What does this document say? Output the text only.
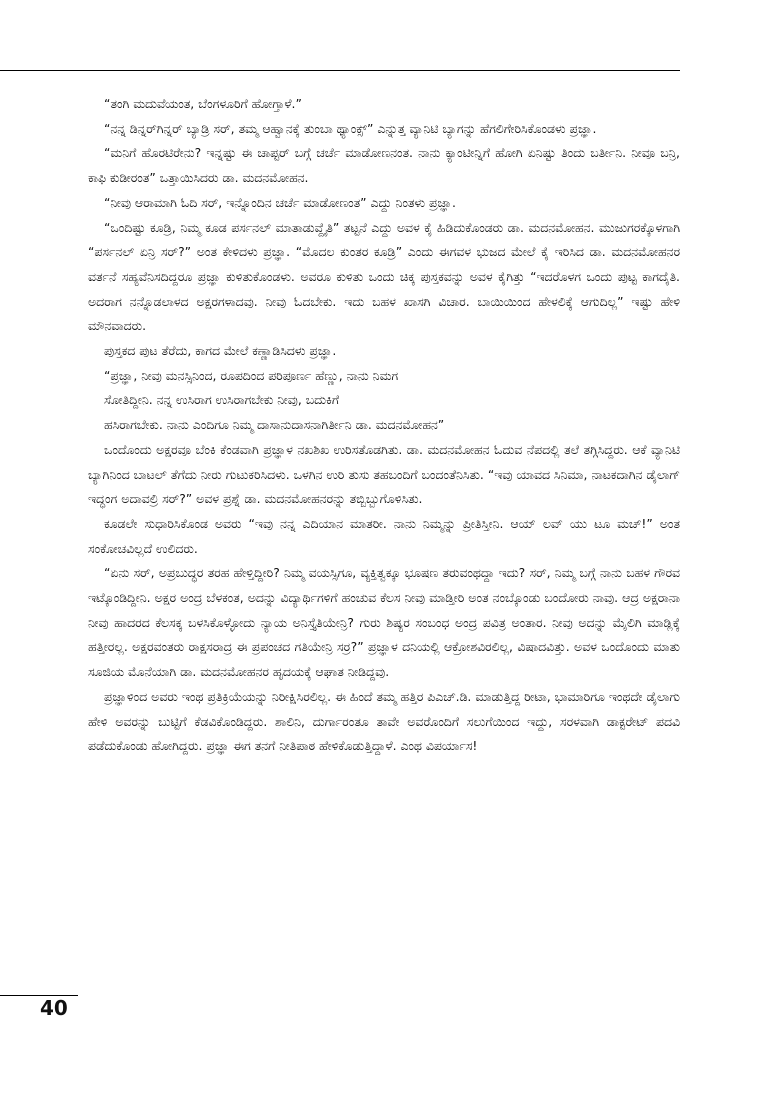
“ತಂಗಿ ಮದುವೆಯಂತ, ಬೆಂಗಳೂರಿಗೆ ಹೋಗ್ತಾಳೆ.”

“ನನ್ನ ಡಿನ್ನರ್‌ಗಿನ್ನರ್ ಬ್ಯಾಡ್ರಿ ಸರ್, ತಮ್ಮ ಆಹ್ವಾನಕ್ಕೆ ತುಂಬಾ ಥ್ಯಾಂಕ್ಸ್” ಎನ್ನುತ್ತ ವ್ಯಾನಿಟಿ ಬ್ಯಾಗನ್ನು ಹೆಗಲಿಗೇರಿಸಿಕೊಂಡಳು ಪ್ರಜ್ಞಾ.

“ಮನಿಗೆ ಹೊರಟಿರೇನು? ಇನ್ನಷ್ಟು ಈ ಚಾಪ್ಟರ್ ಬಗ್ಗೆ ಚರ್ಚೆ ಮಾಡೋಣನಂತ. ನಾನು ಕ್ಯಾಂಟೀನ್ನಿಗೆ ಹೋಗಿ ಏನಿಷ್ಟು ತಿಂದು ಬರ್ತೀನಿ. ನೀವೂ ಬನ್ರಿ, ಕಾಫಿ ಕುಡೀರಂತ” ಒತ್ತಾಯಿಸಿದರು ಡಾ. ಮದನಮೋಹನ.

“ನೀವು ಆರಾಮಾಗಿ ಓದಿ ಸರ್, ಇನ್ನೊಂದಿನ ಚರ್ಚೆ ಮಾಡೋಣಂತ” ಎದ್ದು ನಿಂತಳು ಪ್ರಜ್ಞಾ.

“ಒಂದಿಷ್ಟು ಕೂಡ್ರಿ, ನಿಮ್ಮ ಕೂಡ ಪರ್ಸನಲ್ ಮಾತಾಡುವ್ದೈತಿ” ತಟ್ಟನೆ ಎದ್ದು ಅವಳ ಕೈ ಹಿಡಿದುಕೊಂಡರು ಡಾ. ಮದನಮೋಹನ. ಮುಜುಗರಕ್ಕೊಳಗಾಗಿ “ಪರ್ಸನಲ್ ಏನ್ರಿ ಸರ್?” ಅಂತ ಕೇಳಿದಳು ಪ್ರಜ್ಞಾ. “ಮೊದಲ ಕುಂತರ ಕೂಡ್ರಿ” ಎಂದು ಈಗವಳ ಭುಜದ ಮೇಲೆ ಕೈ ಇರಿಸಿದ ಡಾ. ಮದನಮೋಹನರ ವರ್ತನೆ ಸಹ್ಯವೆನಿಸದಿದ್ದರೂ ಪ್ರಜ್ಞಾ ಕುಳಿತುಕೊಂಡಳು. ಅವರೂ ಕುಳಿತು ಒಂದು ಚಿಕ್ಕ ಪುಸ್ತಕವನ್ನು ಅವಳ ಕೈಗಿತ್ತು “ಇದರೊಳಗ ಒಂದು ಪುಟ್ಟ ಕಾಗದೈತಿ. ಅದರಾಗ ನನ್ನೊಡಲಾಳದ ಅಕ್ಷರಗಳಾದವು. ನೀವು ಓದಬೇಕು. ಇದು ಬಹಳ ಖಾಸಗಿ ವಿಚಾರ. ಬಾಯಿಯಿಂದ ಹೇಳಲಿಕ್ಕೆ ಆಗುದಿಲ್ಲ” ಇಷ್ಟು ಹೇಳಿ ಮೌನವಾದರು.

ಪುಸ್ತಕದ ಪುಟ ತೆರೆದು, ಕಾಗದ ಮೇಲೆ ಕಣ್ಣಾಡಿಸಿದಳು ಪ್ರಜ್ಞಾ.

“ಪ್ರಜ್ಞಾ, ನೀವು ಮನಸ್ಸಿನಿಂದ, ರೂಪದಿಂದ ಪರಿಪೂರ್ಣ ಹೆಣ್ಣು, ನಾನು ನಿಮಗ
ಸೋತಿದ್ದೀನಿ. ನನ್ನ ಉಸಿರಾಗ ಉಸಿರಾಗಬೇಕು ನೀವು, ಬದುಕಿಗೆ
ಹಸಿರಾಗಬೇಕು. ನಾನು ಎಂದಿಗೂ ನಿಮ್ಮ ದಾಸಾನುದಾಸನಾಗಿರ್ತೀನಿ ಡಾ. ಮದನಮೋಹನ”

ಒಂದೊಂದು ಅಕ್ಷರವೂ ಬೆಂಕಿ ಕೆಂಡವಾಗಿ ಪ್ರಜ್ಞಾಳ ನಖಶಿಖ ಉರಿಸತೊಡಗಿತು. ಡಾ. ಮದನಮೋಹನ ಓದುವ ನೆಪದಲ್ಲಿ ತಲೆ ತಗ್ಗಿಸಿದ್ದರು. ಆಕೆ ವ್ಯಾನಿಟಿ ಬ್ಯಾಗಿನಿಂದ ಬಾಟಲ್ ತೆಗೆದು ನೀರು ಗುಟುಕರಿಸಿದಳು. ಒಳಗಿನ ಉರಿ ತುಸು ತಹಬಂದಿಗೆ ಬಂದಂತೆನಿಸಿತು. “ಇವು ಯಾವದ ಸಿನಿಮಾ, ನಾಟಕದಾಗಿನ ಡೈಲಾಗ್ ಇದ್ಧಂಗ ಅದಾವಲ್ರಿ ಸರ್?” ಅವಳ ಪ್ರಶ್ನೆ ಡಾ. ಮದನಮೋಹನರನ್ನು ತಬ್ಬಿಬ್ಬುಗೊಳಿಸಿತು.

ಕೂಡಲೇ ಸುಧಾರಿಸಿಕೊಂಡ ಅವರು “ಇವು ನನ್ನ ಎದಿಯಾನ ಮಾತರೀ. ನಾನು ನಿಮ್ಮನ್ನು ಪ್ರೀತಿಸ್ತೀನಿ. ಆಯ್ ಲವ್ ಯು ಟೂ ಮಚ್!” ಅಂತ ಸಂಕೋಚವಿಲ್ಲದೆ ಉಲಿದರು.

“ಏನು ಸರ್, ಅಪ್ರಬುದ್ಧರ ತರಹ ಹೇಳ್ತಿದ್ದೀರಿ? ನಿಮ್ಮ ವಯಸ್ಸಿಗೂ, ವ್ಯಕ್ತಿತ್ವಕ್ಕೂ ಭೂಷಣ ತರುವಂಥದ್ದಾ ಇದು? ಸರ್, ನಿಮ್ಮ ಬಗ್ಗೆ ನಾನು ಬಹಳ ಗೌರವ ಇಟ್ಕೊಂಡಿದ್ದೀನಿ. ಅಕ್ಷರ ಅಂದ್ರ ಬೆಳಕಂತ, ಅದನ್ನು ವಿದ್ಯಾರ್ಥಿಗಳಿಗೆ ಹಂಚುವ ಕೆಲಸ ನೀವು ಮಾಡ್ತೀರಿ ಅಂತ ನಂಬ್ಕೊಂಡು ಬಂದೋರು ನಾವು. ಆದ್ರ ಅಕ್ಷರಾನಾ ನೀವು ಹಾದರದ ಕೆಲಸಕ್ಕ ಬಳಸಿಕೊಳ್ಳೋದು ನ್ಯಾಯ ಅನಿಸ್ತೈತಿಯೇನ್ರಿ? ಗುರು ಶಿಷ್ಯರ ಸಂಬಂಧ ಅಂದ್ರ ಪವಿತ್ರ ಅಂತಾರ. ನೀವು ಅದನ್ನು ಮೈಲಿಗಿ ಮಾಡ್ಲಿಕ್ಕೆ ಹತ್ತೀರಲ್ಲ. ಅಕ್ಷರವಂತರು ರಾಕ್ಷಸರಾದ್ರ ಈ ಪ್ರಪಂಚದ ಗತಿಯೇನ್ರಿ ಸರ್ರ?” ಪ್ರಜ್ಞಾಳ ದನಿಯಲ್ಲಿ ಆಕ್ರೋಶವಿರಲಿಲ್ಲ, ವಿಷಾದವಿತ್ತು. ಅವಳ ಒಂದೊಂದು ಮಾತು ಸೂಜಿಯ ಮೊನೆಯಾಗಿ ಡಾ. ಮದನಮೋಹನರ ಹೃದಯಕ್ಕೆ ಆಘಾತ ನೀಡಿದ್ದವು.

ಪ್ರಜ್ಞಾಳಿಂದ ಅವರು ಇಂಥ ಪ್ರತಿಕ್ರಿಯೆಯನ್ನು ನಿರೀಕ್ಷಿಸಿರಲಿಲ್ಲ. ಈ ಹಿಂದೆ ತಮ್ಮ ಹತ್ತಿರ ಪಿಎಚ್.ಡಿ. ಮಾಡುತ್ತಿದ್ದ ರೀಟಾ, ಭಾಮಾರಿಗೂ ಇಂಥದೇ ಡೈಲಾಗು ಹೇಳಿ ಅವರನ್ನು ಬುಟ್ಟಿಗೆ ಕೆಡವಿಕೊಂಡಿದ್ದರು. ಶಾಲಿನಿ, ದುರ್ಗಾರಂತೂ ತಾವೇ ಅವರೊಂದಿಗೆ ಸಲುಗೆಯಿಂದ ಇದ್ದು, ಸರಳವಾಗಿ ಡಾಕ್ಟರೇಟ್ ಪದವಿ ಪಡೆದುಕೊಂಡು ಹೋಗಿದ್ದರು. ಪ್ರಜ್ಞಾ ಈಗ ತನಗೆ ನೀತಿಪಾಠ ಹೇಳಿಕೊಡುತ್ತಿದ್ದಾಳೆ. ಎಂಥ ವಿಪರ್ಯಾಸ!

40
